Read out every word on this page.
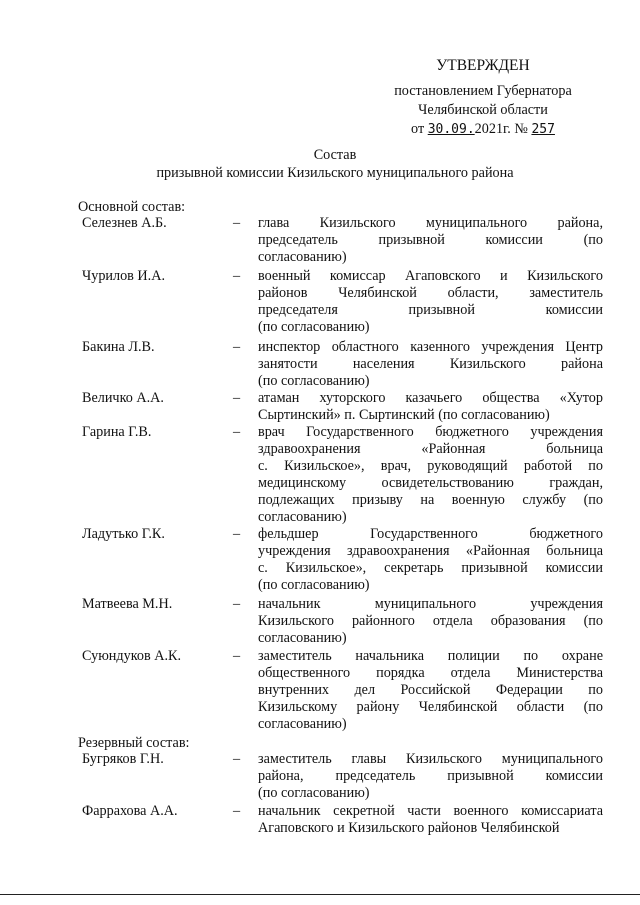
УТВЕРЖДЕН
постановлением Губернатора
Челябинской области
от 30.09.2021г. № 257
Состав
призывной комиссии Кизильского муниципального района
Основной состав:
Селезнев А.Б.	– глава Кизильского муниципального района,
председатель призывной комиссии (по
согласованию)
Чурилов И.А.	– военный комиссар Агаповского и Кизильского
районов Челябинской области, заместитель
председателя призывной комиссии
(по согласованию)
Бакина Л.В.	– инспектор областного казенного учреждения Центр
занятости населения Кизильского района
(по согласованию)
Величко А.А.	– атаман хуторского казачьего общества «Хутор
Сыртинский» п. Сыртинский (по согласованию)
Гарина Г.В.	– врач Государственного бюджетного учреждения
здравоохранения «Районная больница
с. Кизильское», врач, руководящий работой по
медицинскому освидетельствованию граждан,
подлежащих призыву на военную службу (по
согласованию)
Ладутько Г.К.	– фельдшер Государственного бюджетного
учреждения здравоохранения «Районная больница
с. Кизильское», секретарь призывной комиссии
(по согласованию)
Матвеева М.Н.	– начальник муниципального учреждения
Кизильского районного отдела образования (по
согласованию)
Суюндуков А.К.	– заместитель начальника полиции по охране
общественного порядка отдела Министерства
внутренних дел Российской Федерации по
Кизильскому району Челябинской области (по
согласованию)
Бугряков Г.Н.	– заместитель главы Кизильского муниципального
района, председатель призывной комиссии
(по согласованию)
Фаррахова А.А.	– начальник секретной части военного комиссариата
Агаповского и Кизильского районов Челябинской
Резервный состав:
